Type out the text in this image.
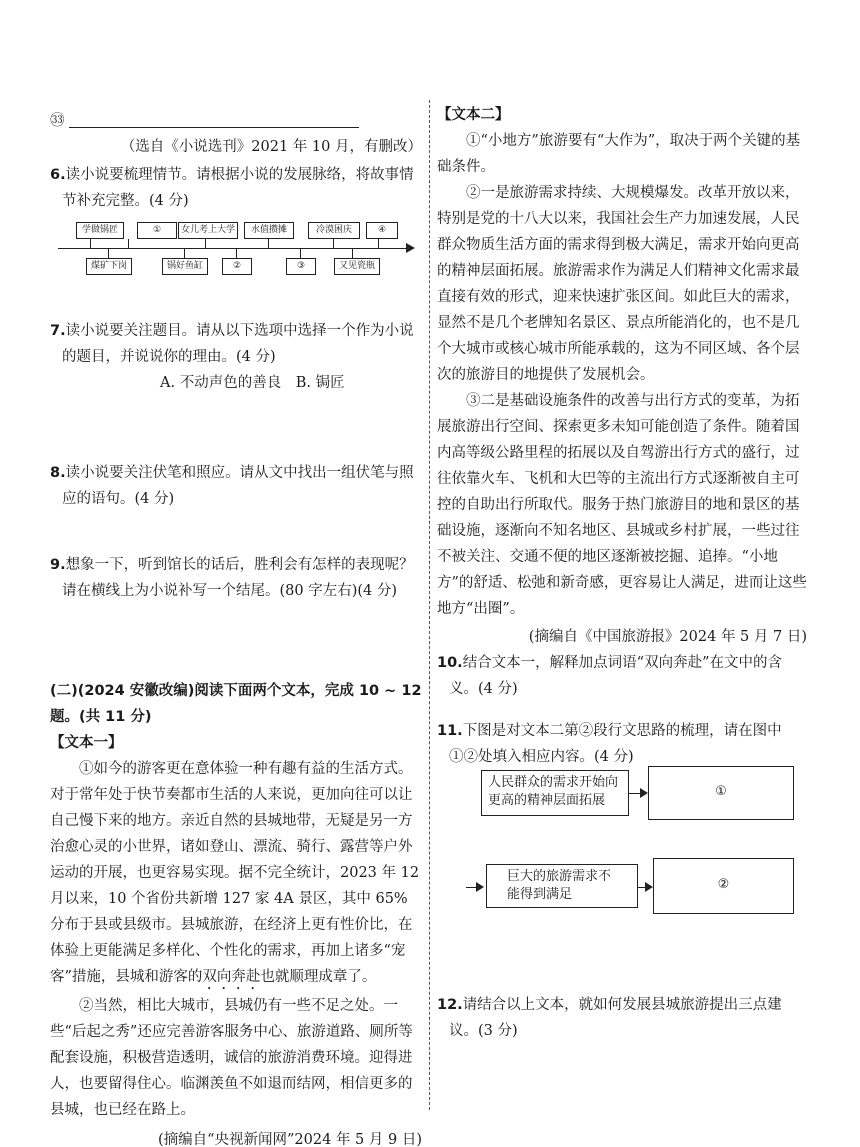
㉝

（选自《小说选刊》2021 年 10 月，有删改）

6.读小说要梳理情节。请根据小说的发展脉络，将故事情节补充完整。(4 分)
学做锅匠	①	女儿考上大学	水值攒摊	冷漠困庆	④
煤矿下岗	锅好鱼缸	②	③	又见瓷瓶
7.读小说要关注题目。请从以下选项中选择一个作为小说的题目，并说说你的理由。(4 分)

A. 不动声色的善良　B. 锔匠

8.读小说要关注伏笔和照应。请从文中找出一组伏笔与照应的语句。(4 分)
9.想象一下，听到馆长的话后，胜利会有怎样的表现呢？请在横线上为小说补写一个结尾。(80 字左右)(4 分)

(二)(2024 安徽改编)阅读下面两个文本，完成 10 ~ 12 题。(共 11 分)

【文本一】

①如今的游客更在意体验一种有趣有益的生活方式。对于常年处于快节奏都市生活的人来说，更加向往可以让自己慢下来的地方。亲近自然的县城地带，无疑是另一方治愈心灵的小世界，诸如登山、漂流、骑行、露营等户外运动的开展，也更容易实现。据不完全统计，2023 年 12 月以来，10 个省份共新增 127 家 4A 景区，其中 65% 分布于县或县级市。县城旅游，在经济上更有性价比，在体验上更能满足多样化、个性化的需求，再加上诸多“宠客”措施，县城和游客的双向奔赴也就顺理成章了。

②当然，相比大城市，县城仍有一些不足之处。一些“后起之秀”还应完善游客服务中心、旅游道路、厕所等配套设施，积极营造透明，诚信的旅游消费环境。迎得进人，也要留得住心。临渊羡鱼不如退而结网，相信更多的县城，也已经在路上。

(摘编自“央视新闻网”2024 年 5 月 9 日)

【文本二】

①“小地方”旅游要有“大作为”，取决于两个关键的基础条件。

②一是旅游需求持续、大规模爆发。改革开放以来，特别是党的十八大以来，我国社会生产力加速发展，人民群众物质生活方面的需求得到极大满足，需求开始向更高的精神层面拓展。旅游需求作为满足人们精神文化需求最直接有效的形式，迎来快速扩张区间。如此巨大的需求，显然不是几个老牌知名景区、景点所能消化的，也不是几个大城市或核心城市所能承载的，这为不同区域、各个层次的旅游目的地提供了发展机会。

③二是基础设施条件的改善与出行方式的变革，为拓展旅游出行空间、探索更多未知可能创造了条件。随着国内高等级公路里程的拓展以及自驾游出行方式的盛行，过往依靠火车、飞机和大巴等的主流出行方式逐渐被自主可控的自助出行所取代。服务于热门旅游目的地和景区的基础设施，逐渐向不知名地区、县城或乡村扩展，一些过往不被关注、交通不便的地区逐渐被挖掘、追捧。“小地方”的舒适、松弛和新奇感，更容易让人满足，进而让这些地方“出圈”。

(摘编自《中国旅游报》2024 年 5 月 7 日)

10.结合文本一，解释加点词语“双向奔赴”在文中的含义。(4 分)
11.下图是对文本二第②段行文思路的梳理，请在图中①②处填入相应内容。(4 分)
人民群众的需求开始向更高的精神层面拓展
①
巨大的旅游需求不能得到满足
②
12.请结合以上文本，就如何发展县城旅游提出三点建议。(3 分)
